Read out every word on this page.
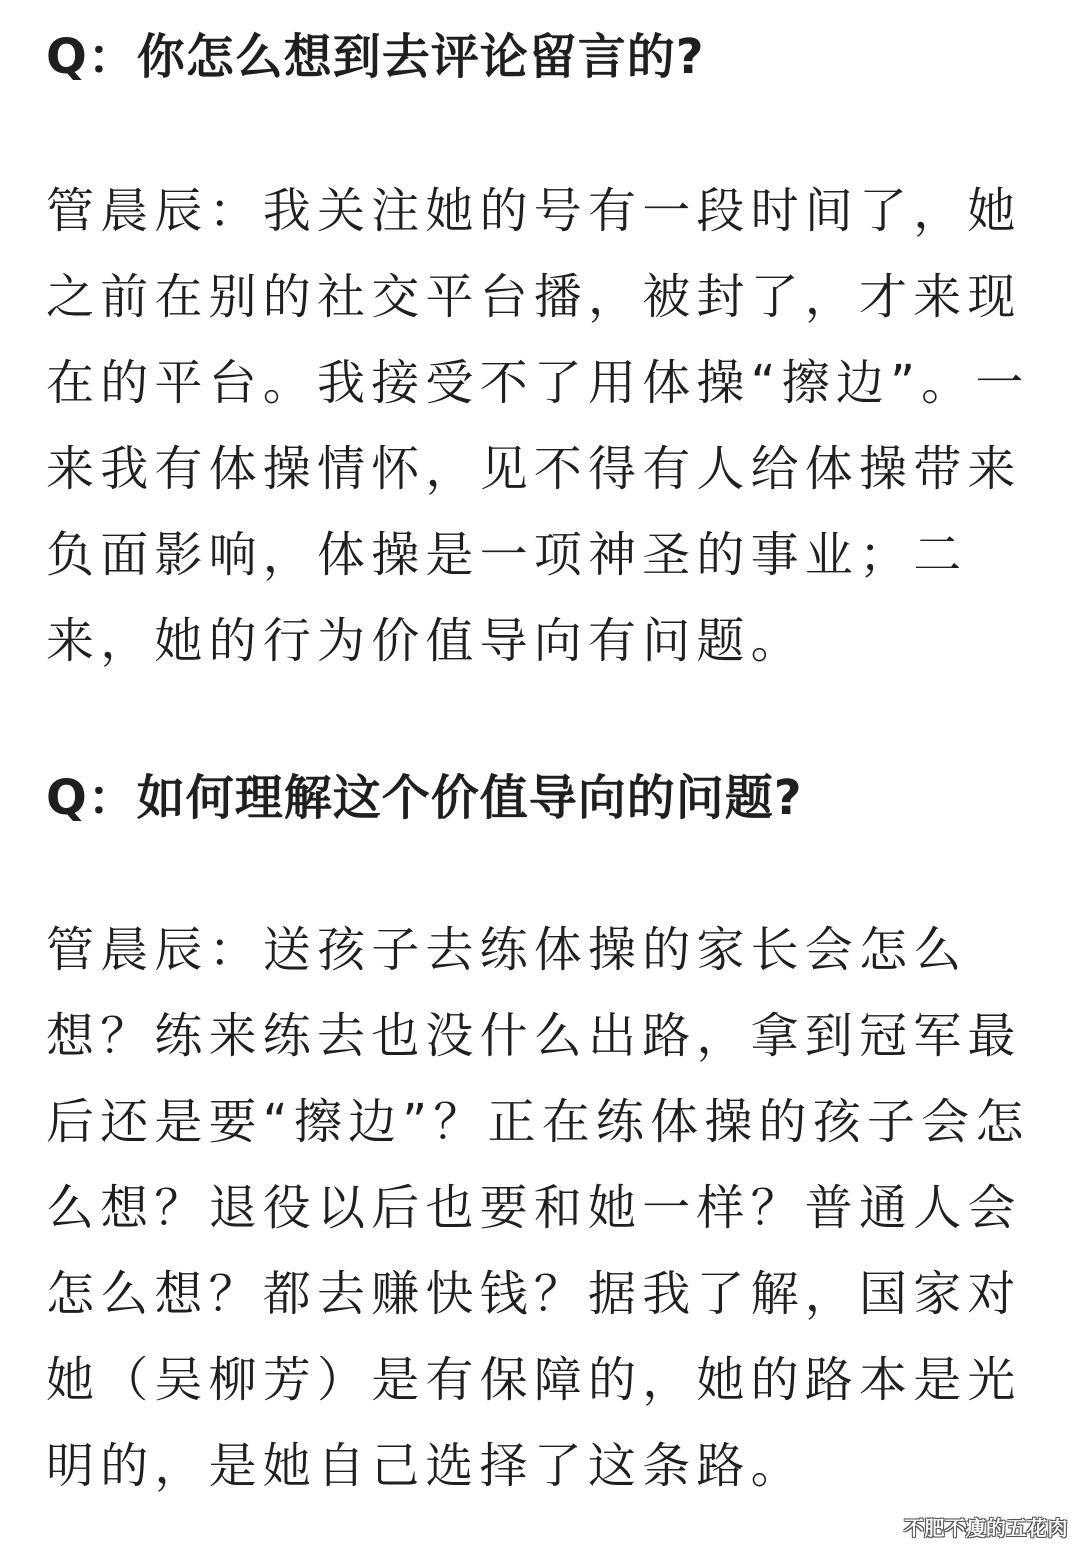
Q：你怎么想到去评论留言的?

管晨辰：我关注她的号有一段时间了，她之前在别的社交平台播，被封了，才来现在的平台。我接受不了用体操“擦边”。一来我有体操情怀，见不得有人给体操带来负面影响，体操是一项神圣的事业；二来，她的行为价值导向有问题。

Q：如何理解这个价值导向的问题?

管晨辰：送孩子去练体操的家长会怎么想？练来练去也没什么出路，拿到冠军最后还是要“擦边”？正在练体操的孩子会怎么想？退役以后也要和她一样？普通人会怎么想？都去赚快钱？据我了解，国家对她（吴柳芳）是有保障的，她的路本是光明的，是她自己选择了这条路。

不肥不瘦的五花肉
